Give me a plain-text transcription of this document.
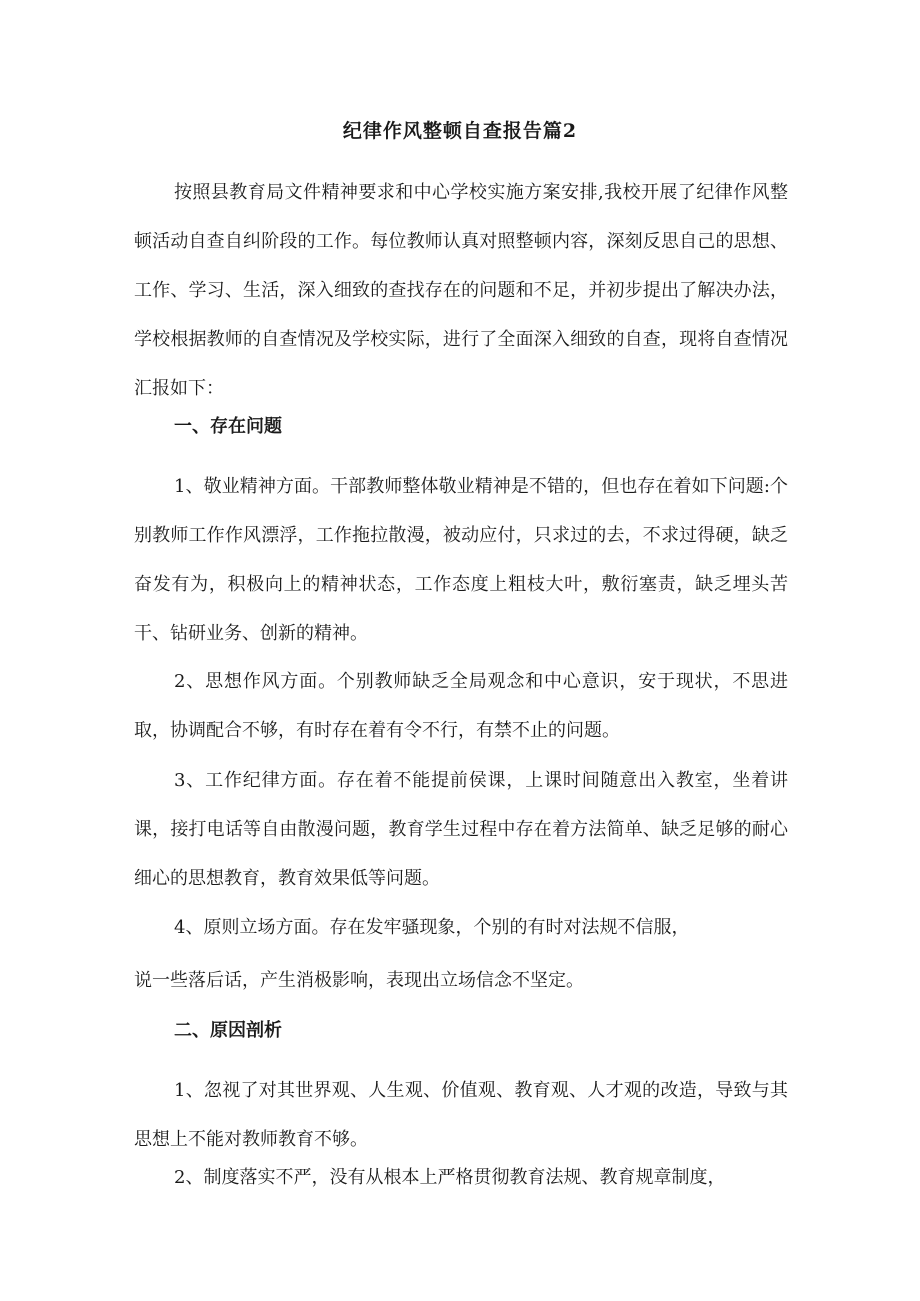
纪律作风整顿自查报告篇2

按照县教育局文件精神要求和中心学校实施方案安排,我校开展了纪律作风整顿活动自查自纠阶段的工作。每位教师认真对照整顿内容，深刻反思自己的思想、工作、学习、生活，深入细致的查找存在的问题和不足，并初步提出了解决办法，学校根据教师的自查情况及学校实际，进行了全面深入细致的自查，现将自查情况汇报如下：

一、存在问题

1、敬业精神方面。干部教师整体敬业精神是不错的，但也存在着如下问题:个别教师工作作风漂浮，工作拖拉散漫，被动应付，只求过的去，不求过得硬，缺乏奋发有为，积极向上的精神状态，工作态度上粗枝大叶，敷衍塞责，缺乏埋头苦干、钻研业务、创新的精神。

2、思想作风方面。个别教师缺乏全局观念和中心意识，安于现状，不思进取，协调配合不够，有时存在着有令不行，有禁不止的问题。

3、工作纪律方面。存在着不能提前侯课，上课时间随意出入教室，坐着讲课，接打电话等自由散漫问题，教育学生过程中存在着方法简单、缺乏足够的耐心细心的思想教育，教育效果低等问题。

4、原则立场方面。存在发牢骚现象，个别的有时对法规不信服，

说一些落后话，产生消极影响，表现出立场信念不坚定。

二、原因剖析

1、忽视了对其世界观、人生观、价值观、教育观、人才观的改造，导致与其思想上不能对教师教育不够。

2、制度落实不严，没有从根本上严格贯彻教育法规、教育规章制度，
